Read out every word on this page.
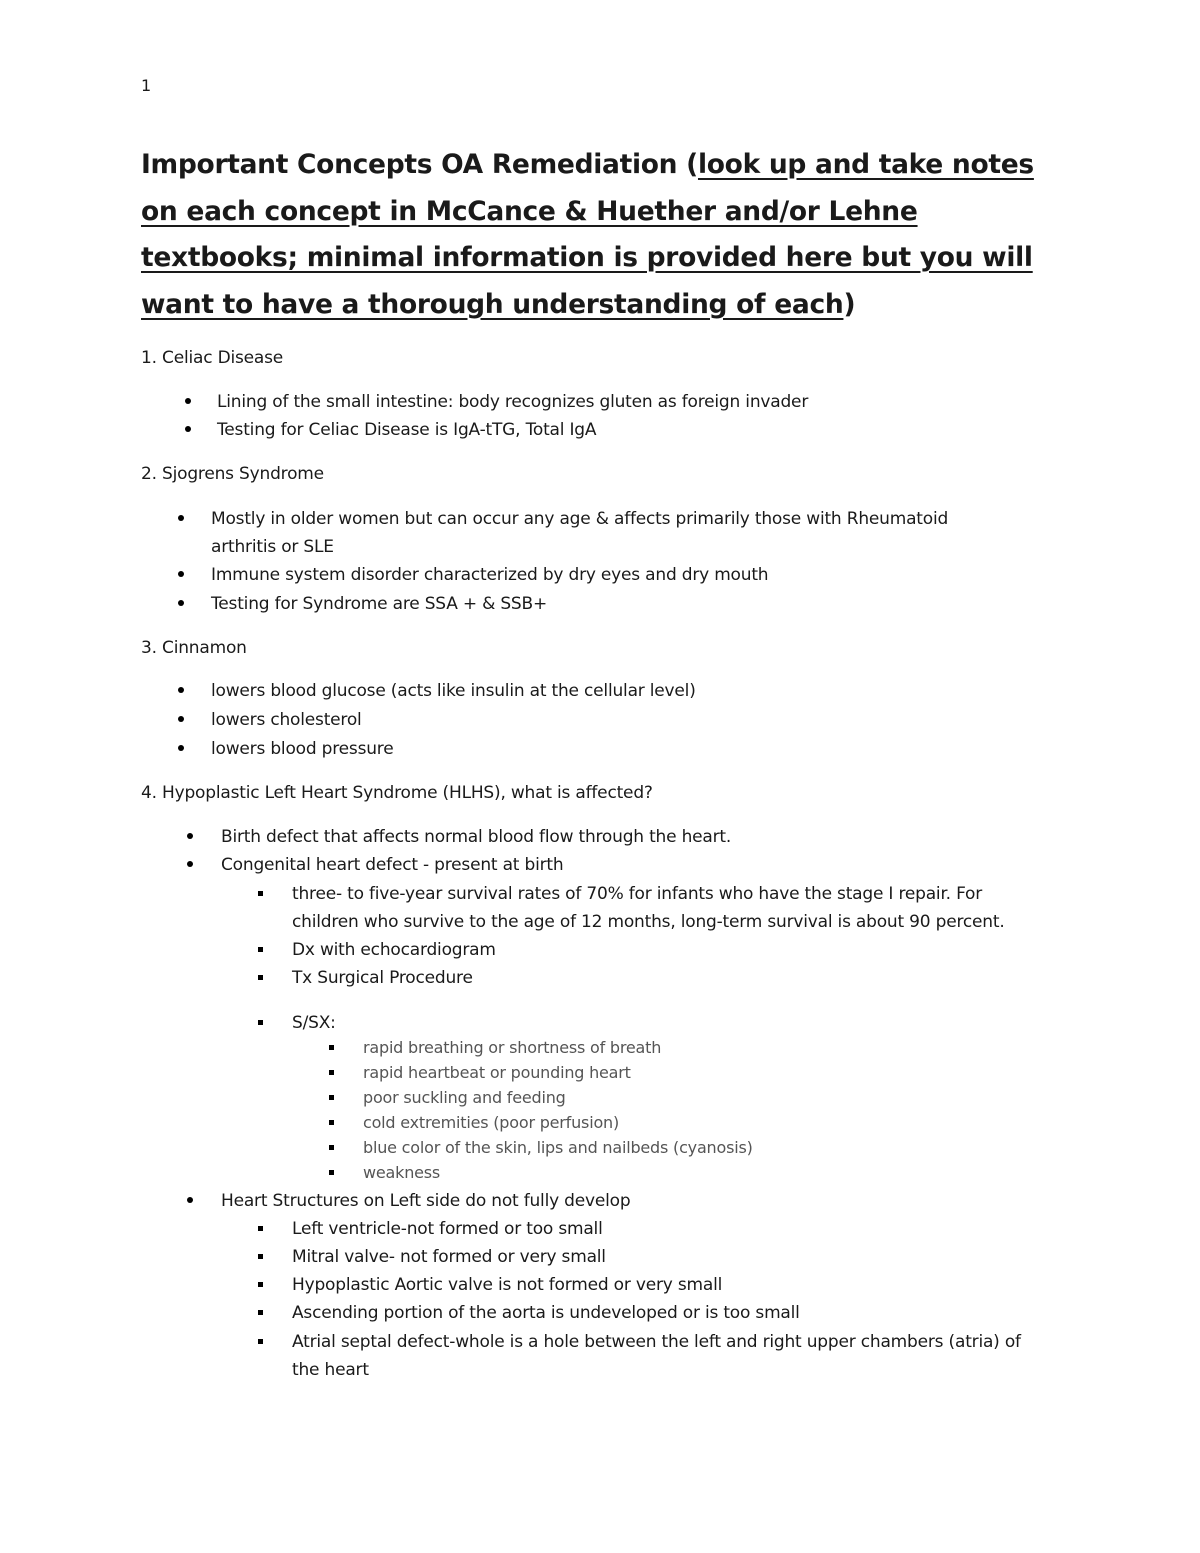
1
Important Concepts OA Remediation (look up and take notes on each concept in McCance & Huether and/or Lehne textbooks; minimal information is provided here but you will want to have a thorough understanding of each)
1. Celiac Disease
Lining of the small intestine: body recognizes gluten as foreign invader
Testing for Celiac Disease is IgA-tTG, Total IgA
2. Sjogrens Syndrome
Mostly in older women but can occur any age & affects primarily those with Rheumatoid
arthritis or SLE
Immune system disorder characterized by dry eyes and dry mouth
Testing for Syndrome are SSA + & SSB+
3. Cinnamon
lowers blood glucose (acts like insulin at the cellular level)
lowers cholesterol
lowers blood pressure
4. Hypoplastic Left Heart Syndrome (HLHS), what is affected?
Birth defect that affects normal blood flow through the heart.
Congenital heart defect - present at birth
three- to five-year survival rates of 70% for infants who have the stage I repair. For
children who survive to the age of 12 months, long-term survival is about 90 percent.
Dx with echocardiogram
Tx Surgical Procedure
S/SX:
rapid breathing or shortness of breath
rapid heartbeat or pounding heart
poor suckling and feeding
cold extremities (poor perfusion)
blue color of the skin, lips and nailbeds (cyanosis)
weakness
Heart Structures on Left side do not fully develop
Left ventricle-not formed or too small
Mitral valve- not formed or very small
Hypoplastic Aortic valve is not formed or very small
Ascending portion of the aorta is undeveloped or is too small
Atrial septal defect-whole is a hole between the left and right upper chambers (atria) of
the heart
